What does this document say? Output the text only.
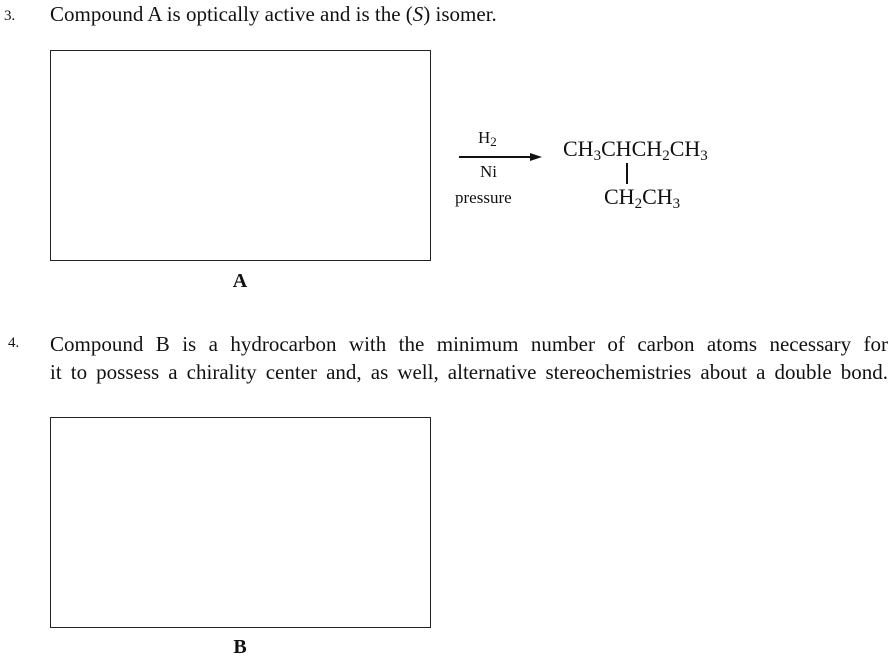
3. Compound A is optically active and is the (S) isomer.
A
$H_2$
Ni
pressure
$CH_3CHCH_2CH_3$
$CH_2CH_3$
4. Compound B is a hydrocarbon with the minimum number of carbon atoms necessary for
it to possess a chirality center and, as well, alternative stereochemistries about a double bond.
B
